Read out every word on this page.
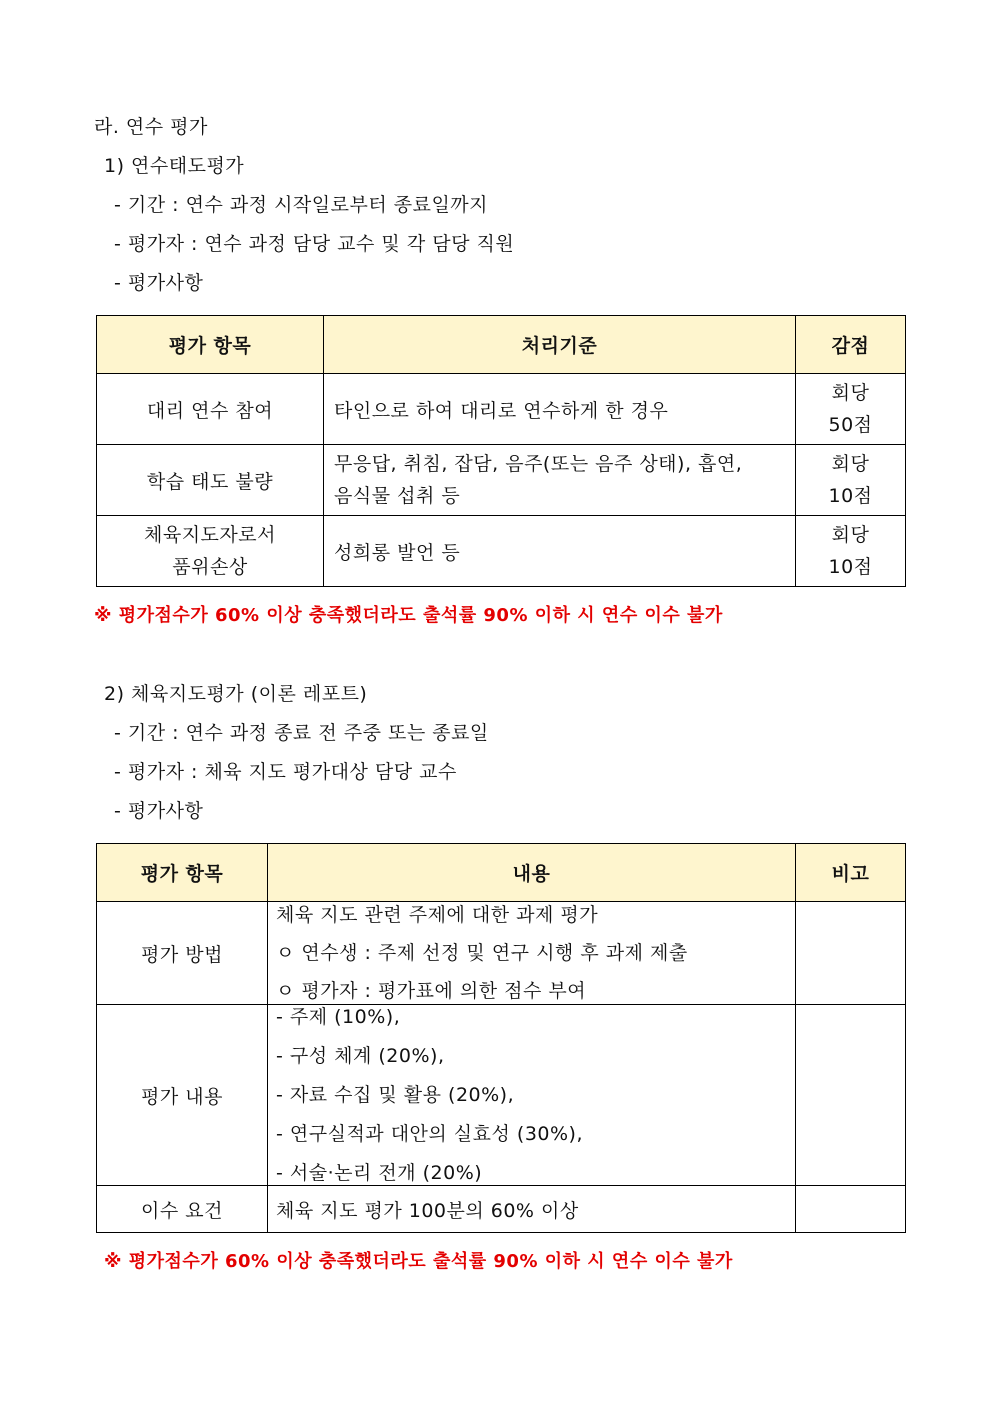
라. 연수 평가
1) 연수태도평가
- 기간 : 연수 과정 시작일로부터 종료일까지
- 평가자 : 연수 과정 담당 교수 및 각 담당 직원
- 평가사항
평가 항목	처리기준	감점
대리 연수 참여	타인으로 하여 대리로 연수하게 한 경우	회당
50점

학습 태도 불량	무응답, 취침, 잡담, 음주(또는 음주 상태), 흡연,
음식물 섭취 등	회당
10점

체육지도자로서
품위손상	성희롱 발언 등	회당
10점
※ 평가점수가 60% 이상 충족했더라도 출석률 90% 이하 시 연수 이수 불가
2) 체육지도평가 (이론 레포트)
- 기간 : 연수 과정 종료 전 주중 또는 종료일
- 평가자 : 체육 지도 평가대상 담당 교수
- 평가사항
평가 항목	내용	비고
평가 방법	체육 지도 관련 주제에 대한 과제 평가
ㅇ 연수생 : 주제 선정 및 연구 시행 후 과제 제출
ㅇ 평가자 : 평가표에 의한 점수 부여	

평가 내용	- 주제 (10%),
- 구성 체계 (20%),
- 자료 수집 및 활용 (20%),
- 연구실적과 대안의 실효성 (30%),
- 서술·논리 전개 (20%)	

이수 요건	체육 지도 평가 100분의 60% 이상	
※ 평가점수가 60% 이상 충족했더라도 출석률 90% 이하 시 연수 이수 불가
